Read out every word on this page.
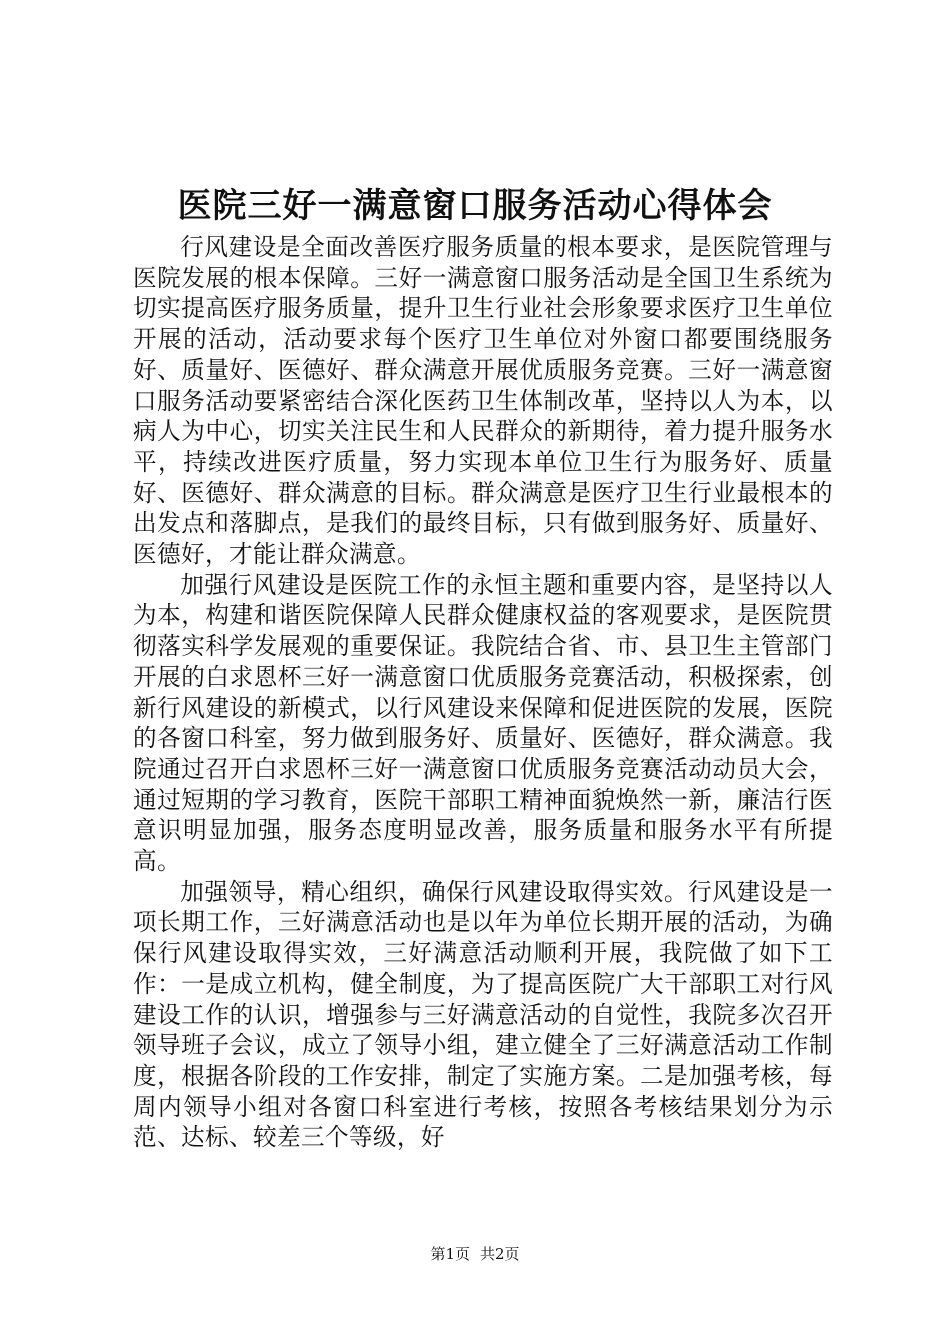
医院三好一满意窗口服务活动心得体会

行风建设是全面改善医疗服务质量的根本要求，是医院管理与医院发展的根本保障。三好一满意窗口服务活动是全国卫生系统为切实提高医疗服务质量，提升卫生行业社会形象要求医疗卫生单位开展的活动，活动要求每个医疗卫生单位对外窗口都要围绕服务好、质量好、医德好、群众满意开展优质服务竞赛。三好一满意窗口服务活动要紧密结合深化医药卫生体制改革，坚持以人为本，以病人为中心，切实关注民生和人民群众的新期待，着力提升服务水平，持续改进医疗质量，努力实现本单位卫生行为服务好、质量好、医德好、群众满意的目标。群众满意是医疗卫生行业最根本的出发点和落脚点，是我们的最终目标，只有做到服务好、质量好、医德好，才能让群众满意。

加强行风建设是医院工作的永恒主题和重要内容，是坚持以人为本，构建和谐医院保障人民群众健康权益的客观要求，是医院贯彻落实科学发展观的重要保证。我院结合省、市、县卫生主管部门开展的白求恩杯三好一满意窗口优质服务竞赛活动，积极探索，创新行风建设的新模式，以行风建设来保障和促进医院的发展，医院的各窗口科室，努力做到服务好、质量好、医德好，群众满意。我院通过召开白求恩杯三好一满意窗口优质服务竞赛活动动员大会，通过短期的学习教育，医院干部职工精神面貌焕然一新，廉洁行医意识明显加强，服务态度明显改善，服务质量和服务水平有所提高。

加强领导，精心组织，确保行风建设取得实效。行风建设是一项长期工作，三好满意活动也是以年为单位长期开展的活动，为确保行风建设取得实效，三好满意活动顺利开展，我院做了如下工作：一是成立机构，健全制度，为了提高医院广大干部职工对行风建设工作的认识，增强参与三好满意活动的自觉性，我院多次召开领导班子会议，成立了领导小组，建立健全了三好满意活动工作制度，根据各阶段的工作安排，制定了实施方案。二是加强考核，每周内领导小组对各窗口科室进行考核，按照各考核结果划分为示范、达标、较差三个等级，好

第1页 共2页
